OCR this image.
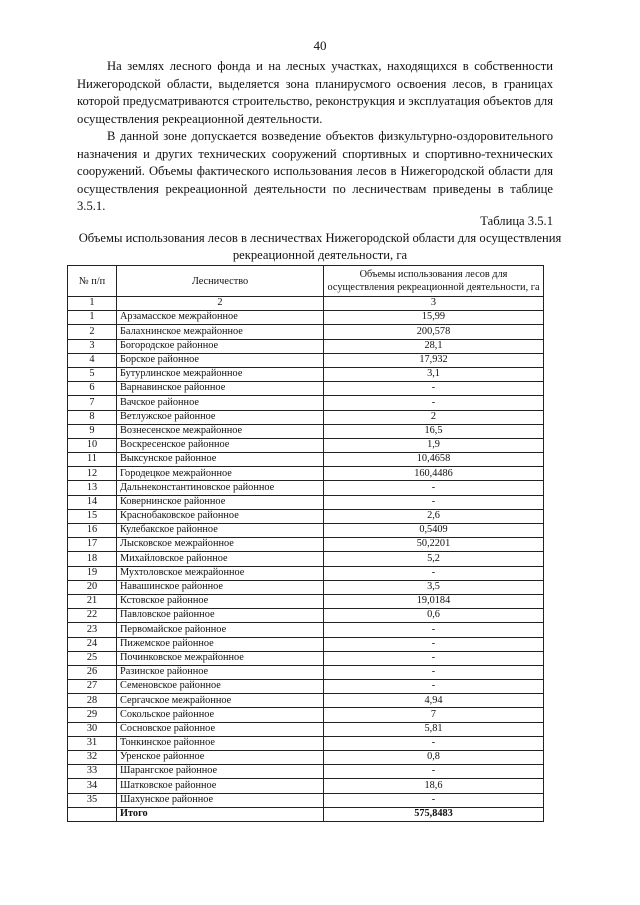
40

На землях лесного фонда и на лесных участках, находящихся в собственности Нижегородской области, выделяется зона планирусмого освоения лесов, в границах которой предусматриваются строительство, реконструкция и эксплуатация объектов для осуществления рекреационной деятельности.

В данной зоне допускается возведение объектов физкультурно-оздоровительного назначения и других технических сооружений спортивных и спортивно-технических сооружений. Объемы фактического использования лесов в Нижегородской области для осуществления рекреационной деятельности по лесничествам приведены в таблице 3.5.1.

Таблица 3.5.1

Объемы использования лесов в лесничествах Нижегородской области для осуществления рекреационной деятельности, га

№ п/п	Лесничество	Объемы использования лесов для осуществления рекреационной деятельности, га
1	2	3
1	Арзамасское межрайонное	15,99
2	Балахнинское межрайонное	200,578
3	Богородское районное	28,1
4	Борское районное	17,932
5	Бутурлинское межрайонное	3,1
6	Варнавинское районное	-
7	Вачское районное	-
8	Ветлужское районное	2
9	Вознесенское межрайонное	16,5
10	Воскресенское районное	1,9
11	Выксунское районное	10,4658
12	Городецкое межрайонное	160,4486
13	Дальнеконстантиновское районное	-
14	Ковернинское районное	-
15	Краснобаковское районное	2,6
16	Кулебакское районное	0,5409
17	Лысковское межрайонное	50,2201
18	Михайловское районное	5,2
19	Мухтоловское межрайонное	-
20	Навашинское районное	3,5
21	Кстовское районное	19,0184
22	Павловское районное	0,6
23	Первомайское районное	-
24	Пижемское районное	-
25	Починковское межрайонное	-
26	Разинское районное	-
27	Семеновское районное	-
28	Сергачское межрайонное	4,94
29	Сокольское районное	7
30	Сосновское районное	5,81
31	Тонкинское районное	-
32	Уренское районное	0,8
33	Шарангское районное	-
34	Шатковское районное	18,6
35	Шахунское районное	-
	Итого	575,8483
